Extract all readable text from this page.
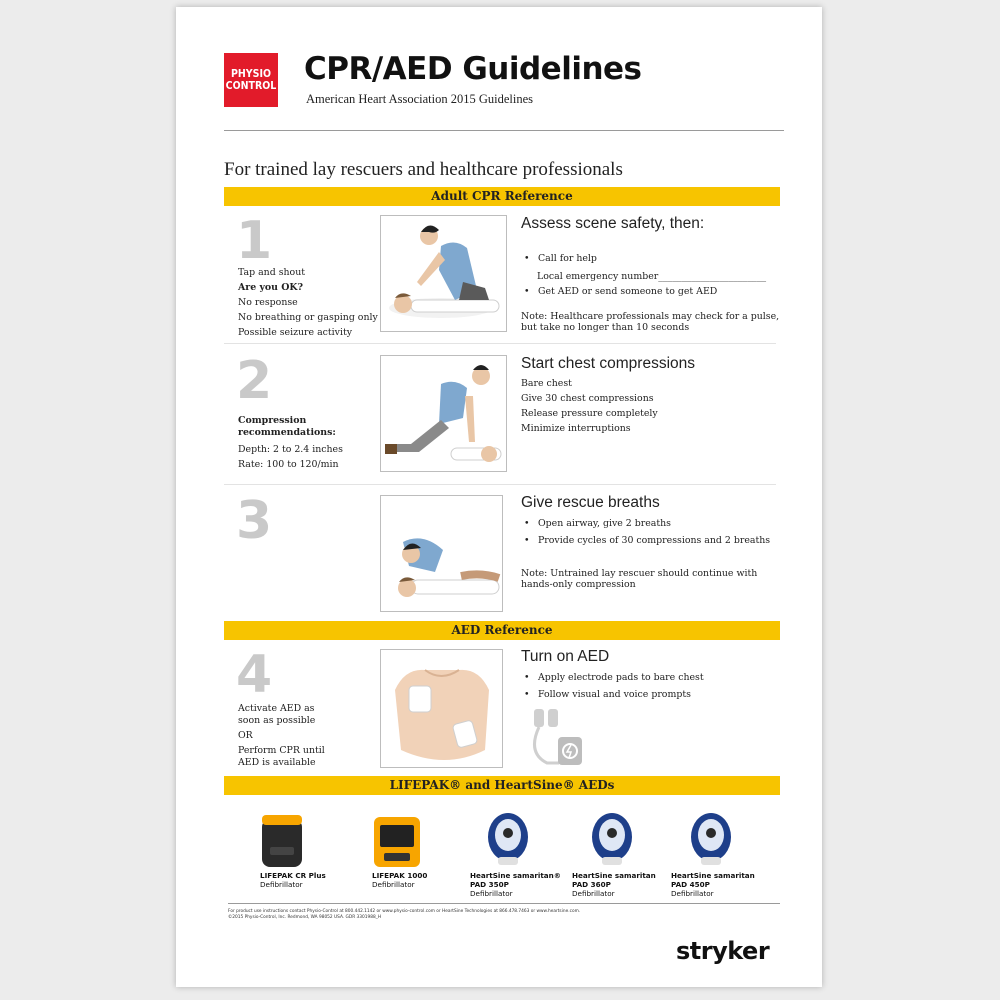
PHYSIO
CONTROL CPR/AED Guidelines
American Heart Association 2015 Guidelines
For trained lay rescuers and healthcare professionals
Adult CPR Reference
1
Tap and shout
Are you OK?
No response
No breathing or gasping only
Possible seizure activity
Assess scene safety, then:
• Call for help
Local emergency number_______________________
• Get AED or send someone to get AED
Note: Healthcare professionals may check for a pulse, but take no longer than 10 seconds
2
Compression recommendations:
Depth: 2 to 2.4 inches
Rate: 100 to 120/min
Start chest compressions
Bare chest
Give 30 chest compressions
Release pressure completely
Minimize interruptions
3	Give rescue breaths
• Open airway, give 2 breaths
• Provide cycles of 30 compressions and 2 breaths
Note: Untrained lay rescuer should continue with hands-only compression
AED Reference
4
Activate AED as soon as possible
OR
Perform CPR until AED is available
Turn on AED
• Apply electrode pads to bare chest
• Follow visual and voice prompts
LIFEPAK® and HeartSine® AEDs
LIFEPAK CR Plus
Defibrillator
LIFEPAK 1000
Defibrillator
HeartSine samaritan® PAD 350P
Defibrillator
HeartSine samaritan PAD 360P
Defibrillator
HeartSine samaritan PAD 450P
Defibrillator
For product use instructions contact Physio-Control at 800.442.1142 or www.physio-control.com or HeartSine Technologies at 866.478.7463 or www.heartsine.com.
©2015 Physio-Control, Inc. Redmond, WA 98052 USA. GDR 3301988_H
stryker
